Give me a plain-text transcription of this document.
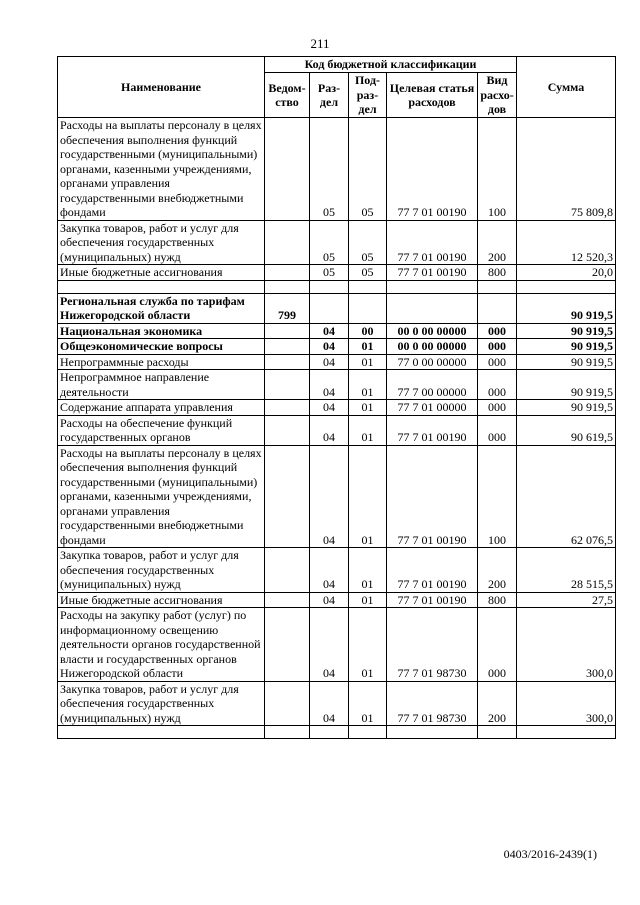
211
Наименование	Код бюджетной классификации					Сумма
	Ведом-ство	Раз-дел	Под-раз-дел	Целевая статья расходов	Вид расхо-дов	
Расходы на выплаты персоналу в целях обеспечения выполнения функций государственными (муниципальными) органами, казенными учреждениями, органами управления государственными внебюджетными фондами		05	05	77 7 01 00190	100	75 809,8
Закупка товаров, работ и услуг для обеспечения государственных (муниципальных) нужд		05	05	77 7 01 00190	200	12 520,3
Иные бюджетные ассигнования		05	05	77 7 01 00190	800	20,0

Региональная служба по тарифам Нижегородской области	799					90 919,5
Национальная экономика		04	00	00 0 00 00000	000	90 919,5
Общеэкономические вопросы		04	01	00 0 00 00000	000	90 919,5
Непрограммные расходы		04	01	77 0 00 00000	000	90 919,5
Непрограммное направление деятельности		04	01	77 7 00 00000	000	90 919,5
Содержание аппарата управления		04	01	77 7 01 00000	000	90 919,5
Расходы на обеспечение функций государственных органов		04	01	77 7 01 00190	000	90 619,5
Расходы на выплаты персоналу в целях обеспечения выполнения функций государственными (муниципальными) органами, казенными учреждениями, органами управления государственными внебюджетными фондами		04	01	77 7 01 00190	100	62 076,5
Закупка товаров, работ и услуг для обеспечения государственных (муниципальных) нужд		04	01	77 7 01 00190	200	28 515,5
Иные бюджетные ассигнования		04	01	77 7 01 00190	800	27,5
Расходы на закупку работ (услуг) по информационному освещению деятельности органов государственной власти и государственных органов Нижегородской области		04	01	77 7 01 98730	000	300,0
Закупка товаров, работ и услуг для обеспечения государственных (муниципальных) нужд		04	01	77 7 01 98730	200	300,0

0403/2016-2439(1)
